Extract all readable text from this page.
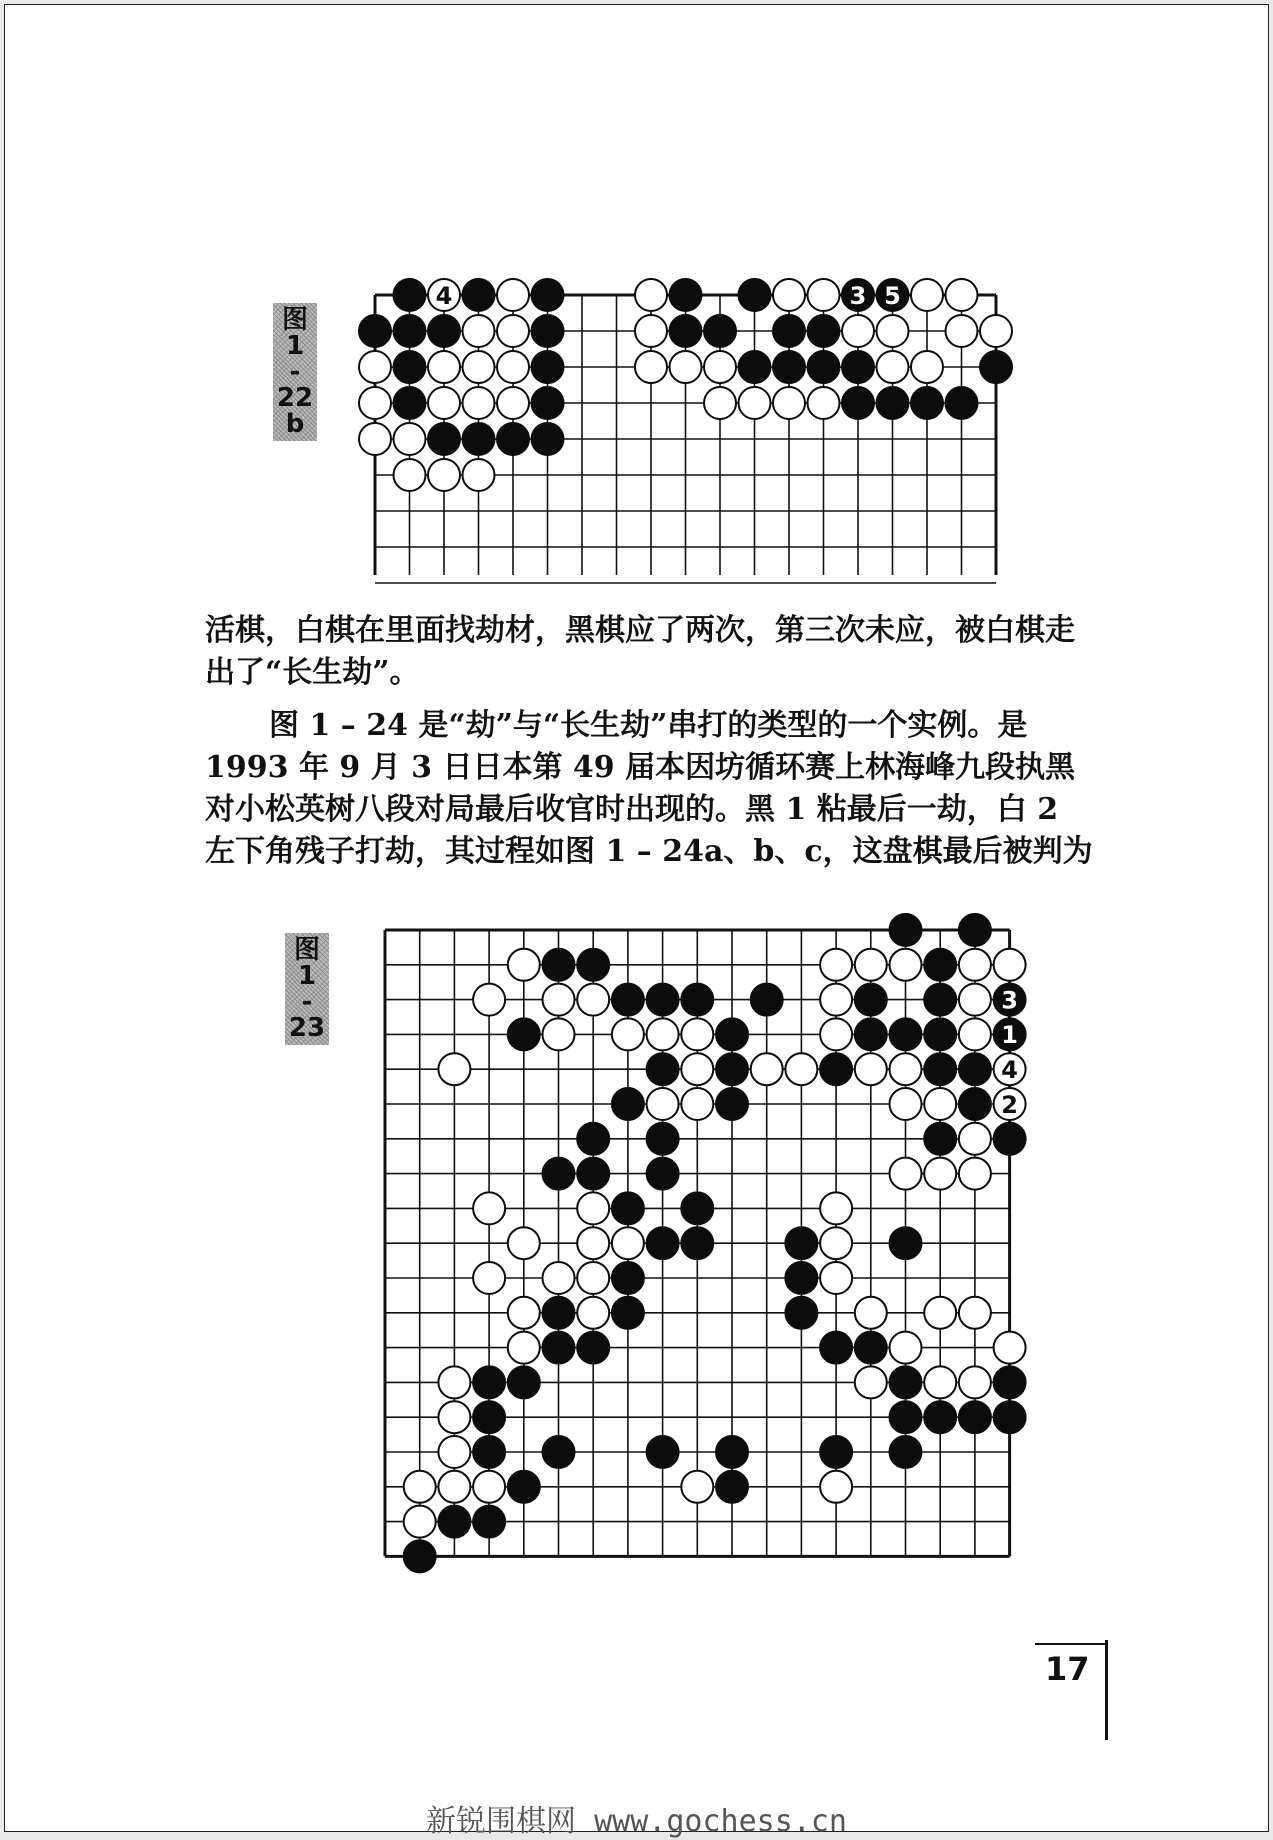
图
1
-
22
b
4	3 5

活棋，白棋在里面找劫材，黑棋应了两次，第三次未应，被白棋走

出了“长生劫”。

图 1 – 24 是“劫”与“长生劫”串打的类型的一个实例。是

1993 年 9 月 3 日日本第 49 届本因坊循环赛上林海峰九段执黑

对小松英树八段对局最后收官时出现的。黑 1 粘最后一劫，白 2

左下角残子打劫，其过程如图 1 – 24a、b、c，这盘棋最后被判为

图
1
-
23
3
1
4
2
17
新锐围棋网 www.gochess.cn
